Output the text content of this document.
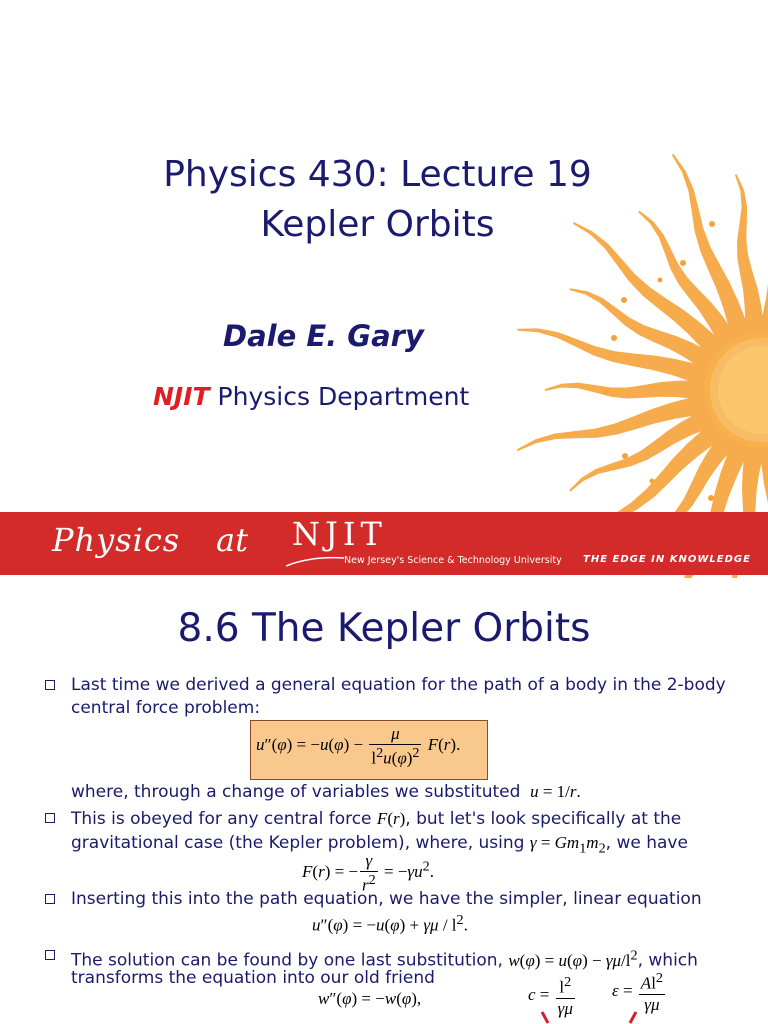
Physics 430: Lecture 19
Kepler Orbits
Dale E. Gary
NJIT Physics Department
Physics at NJIT
New Jersey's Science & Technology University THE EDGE IN KNOWLEDGE
8.6 The Kepler Orbits
Last time we derived a general equation for the path of a body in the 2-body
central force problem:
$u''(\varphi) = -u(\varphi) - \frac{\mu}{l^2u(\varphi)^2} F(r)$.
where, through a change of variables we substituted u = 1/r.
This is obeyed for any central force F(r), but let's look specifically at the
gravitational case (the Kepler problem), where, using $\gamma = Gm_1m_2$, we have
F(r) = − $\frac{\gamma}{r^2} = -\gamma u^2$.
Inserting this into the path equation, we have the simpler, linear equation
$u''(\varphi) = -u(\varphi) + \gamma\mu / l^2$.
The solution can be found by one last substitution, $w(\varphi) = u(\varphi) - \gamma\mu/l^2$, which
transforms the equation into our old friend
w″(φ) = −w(φ),	$c = \frac{l^2}{\gamma\mu}$ $\varepsilon = \frac{Al^2}{\gamma\mu}$
